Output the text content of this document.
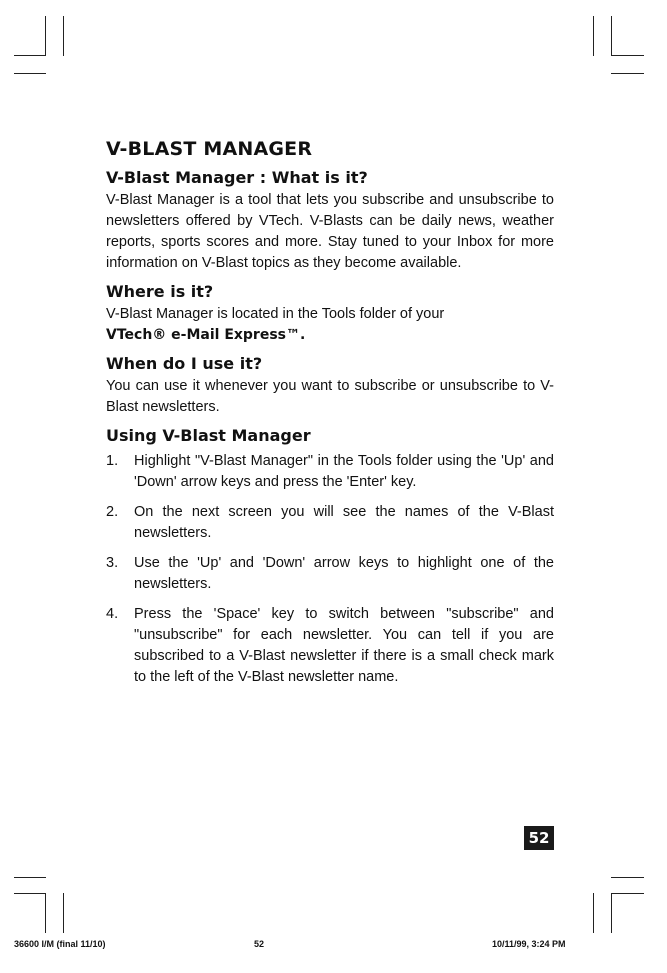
V-BLAST MANAGER
V-Blast Manager : What is it?

V-Blast Manager is a tool that lets you subscribe and unsubscribe to newsletters offered by VTech. V-Blasts can be daily news, weather reports, sports scores and more. Stay tuned to your Inbox for more information on V-Blast topics as they become available.

Where is it?

V-Blast Manager is located in the Tools folder of your
VTech® e-Mail Express™.

When do I use it?

You can use it whenever you want to subscribe or unsubscribe to V-Blast newsletters.

Using V-Blast Manager
1. Highlight "V-Blast Manager" in the Tools folder using the 'Up' and 'Down' arrow keys and press the 'Enter' key.
2. On the next screen you will see the names of the V-Blast newsletters.
3. Use the 'Up' and 'Down' arrow keys to highlight one of the newsletters.
4. Press the 'Space' key to switch between "subscribe" and "unsubscribe" for each newsletter. You can tell if you are subscribed to a V-Blast newsletter if there is a small check mark to the left of the V-Blast newsletter name.
52
36600 I/M (final 11/10)	52	10/11/99, 3:24 PM
